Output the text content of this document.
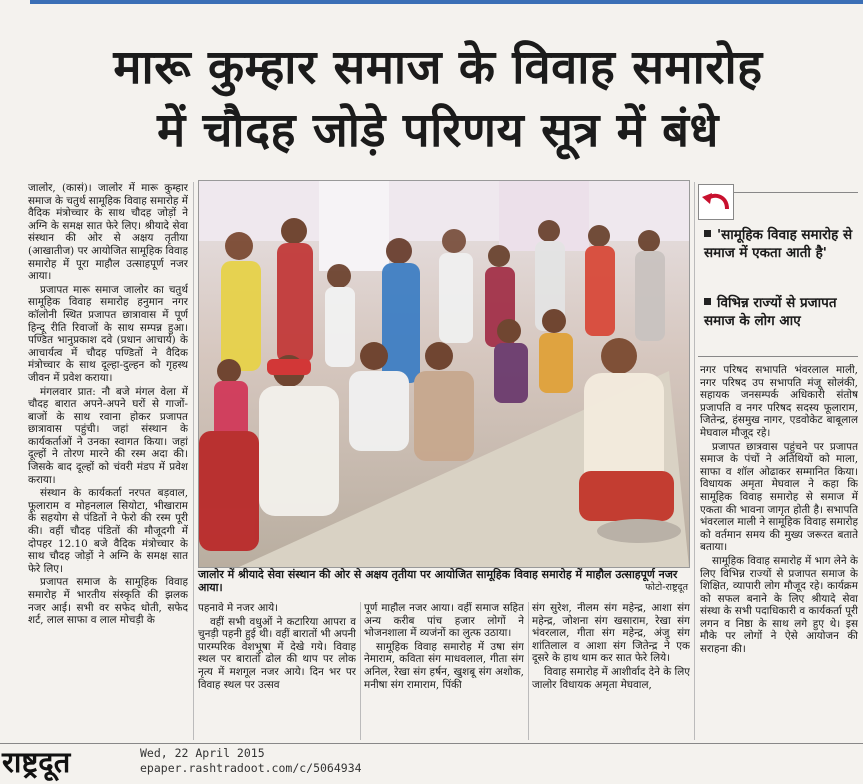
मारू कुम्हार समाज के विवाह समारोह
में चौदह जोड़े परिणय सूत्र में बंधे

जालोर, (कासं)। जालोर में मारू कुम्हार समाज के चतुर्थ सामूहिक विवाह समारोह में वैदिक मंत्रोच्चार के साथ चौदह जोड़ों ने अग्नि के समक्ष सात फेरे लिए। श्रीयादे सेवा संस्थान की ओर से अक्षय तृतीया (आखातीज) पर आयोजित सामूहिक विवाह समारोह में पूरा माहौल उत्साहपूर्ण नजर आया।

प्रजापत मारू समाज जालोर का चतुर्थ सामूहिक विवाह समारोह हनुमान नगर कॉलोनी स्थित प्रजापत छात्रावास में पूर्ण हिन्दू रीति रिवाजों के साथ सम्पन्न हुआ। पण्डित भानुप्रकाश दवे (प्रधान आचार्य) के आचार्यत्व में चौदह पण्डितों ने वैदिक मंत्रोच्चार के साथ दूल्हा-दुल्हन को गृहस्थ जीवन में प्रवेश कराया।

मंगलवार प्रात: नौ बजे मंगल वेला में चौदह बारात अपने-अपने घरों से गाजों-बाजों के साथ रवाना होकर प्रजापत छात्रावास पहुंची। जहां संस्थान के कार्यकर्ताओं ने उनका स्वागत किया। जहां दूल्हों ने तोरण मारने की रस्म अदा की। जिसके बाद दूल्हों को चंवरी मंडप में प्रवेश कराया।

संस्थान के कार्यकर्ता नरपत बड़वाल, फूलाराम व मोहनलाल सियोटा, भीखाराम के सहयोग से पंडितों ने फेरो की रस्म पूरी की। वहीं चौदह पंडितों की मौजूदगी में दोपहर 12.10 बजे वैदिक मंत्रोच्चार के साथ चौदह जोड़ों ने अग्नि के समक्ष सात फेरे लिए।

प्रजापत समाज के सामूहिक विवाह समारोह में भारतीय संस्कृति की झलक नजर आई। सभी वर सफेद धोती, सफेद शर्ट, लाल साफा व लाल मोचड़ी के

जालोर में श्रीयादे सेवा संस्थान की ओर से अक्षय तृतीया पर आयोजित सामूहिक विवाह समारोह में माहौल उत्साहपूर्ण नजर आया।	फोटो-राष्ट्रदूत

पहनावे मे नजर आये।

वहीं सभी वधुओं ने कटारिया आपरा व चुनड़ी पहनी हुई थी। वहीं बारातों भी अपनी पारम्परिक वेशभूषा में देखे गये। विवाह स्थल पर बारातों ढोल की थाप पर लोक नृत्य में मशगूल नजर आये। दिन भर पर विवाह स्थल पर उत्सव

पूर्ण माहौल नजर आया। वहीं समाज सहित अन्य करीब पांच हजार लोगों ने भोजनशाला में व्यजंनों का लुत्फ उठाया।

सामूहिक विवाह समारोह में उषा संग नेमाराम, कविता संग माधवलाल, गीता संग अनिल, रेखा संग हर्षन, खुशबू संग अशोक, मनीषा संग रामाराम, पिंकी

संग सुरेश, नीलम संग महेन्द्र, आशा संग महेन्द्र, जोशना संग खसाराम, रेखा संग भंवरलाल, गीता संग महेन्द्र, अंजु संग शांतिलाल व आशा संग जितेन्द्र ने एक दूसरे के हाथ थाम कर सात फेरे लिये।

विवाह समारोह में आशीर्वाद देने के लिए जालोर विधायक अमृता मेघवाल,

'सामूहिक विवाह समारोह से समाज में एकता आती है'
विभिन्न राज्यों से प्रजापत समाज के लोग आए

नगर परिषद सभापति भंवरलाल माली, नगर परिषद उप सभापति मंजू सोलंकी, सहायक जनसम्पर्क अधिकारी संतोष प्रजापति व नगर परिषद सदस्य फूलाराम, जितेन्द्र, हंसमुख नागर, एडवोकेट बाबूलाल मेघवाल मौजूद रहे।

प्रजापत छात्रवास पहुंचने पर प्रजापत समाज के पंचों ने अतिथियों को माला, साफा व शॉल ओढाकर सम्मानित किया। विधायक अमृता मेघवाल ने कहा कि सामूहिक विवाह समारोह से समाज में एकता की भावना जागृत होती है। सभापति भंवरलाल माली ने सामूहिक विवाह समारोह को वर्तमान समय की मुख्य जरूरत बताते बताया।

सामूहिक विवाह समारोह में भाग लेने के लिए विभिन्न राज्यों से प्रजापत समाज के शिक्षित, व्यापारी लोग मौजूद रहे। कार्यक्रम को सफल बनाने के लिए श्रीयादे सेवा संस्था के सभी पदाधिकारी व कार्यकर्ता पूरी लगन व निष्ठा के साथ लगे हुए थे। इस मौके पर लोगों ने ऐसे आयोजन की सराहना की।

राष्ट्रदूत	Wed, 22 April 2015
epaper.rashtradoot.com/c/5064934
